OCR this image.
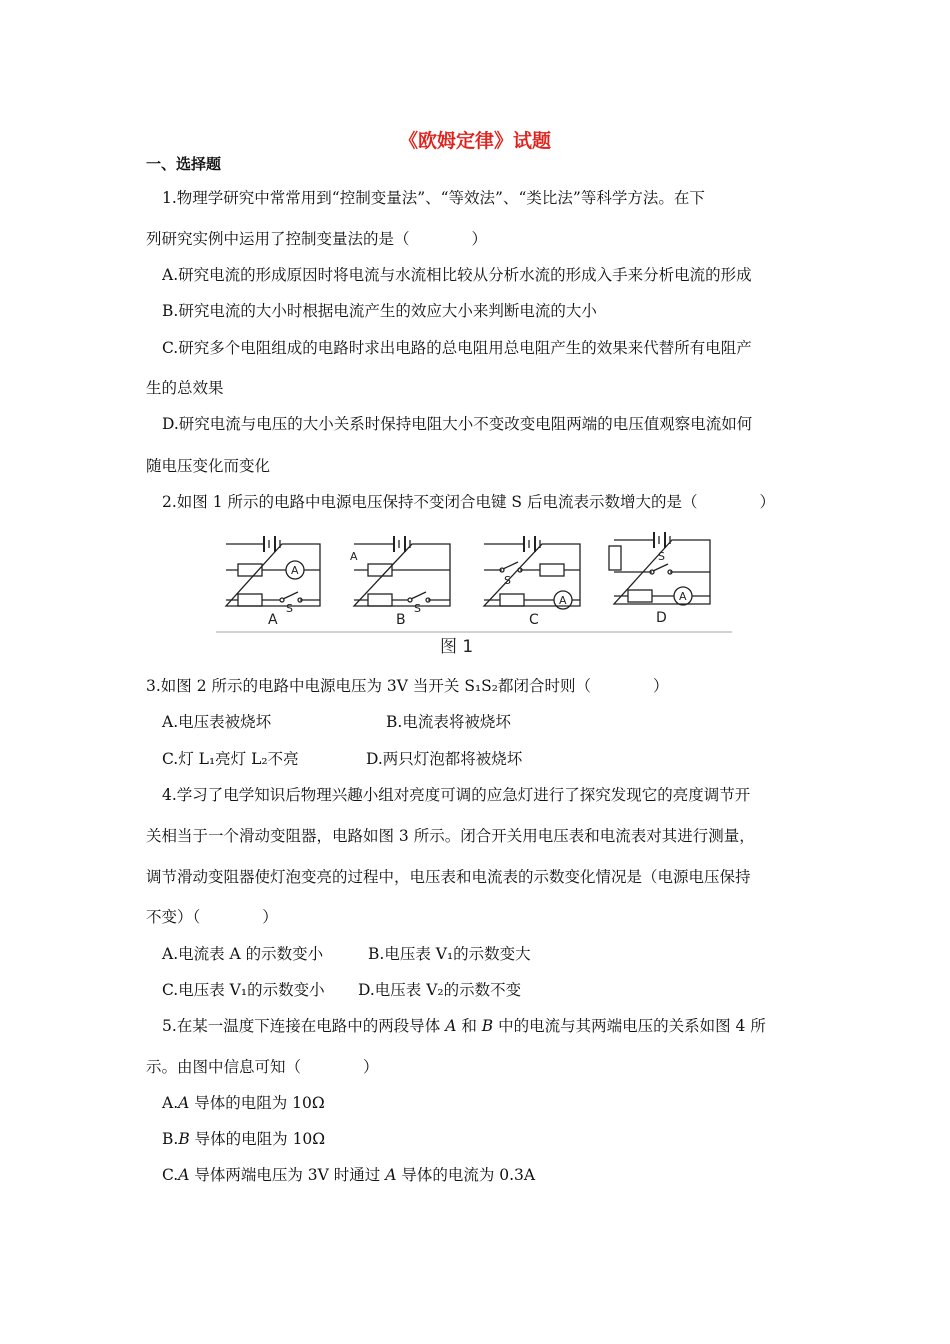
《欧姆定律》试题
一、选择题
1.物理学研究中常常用到“控制变量法”、“等效法”、“类比法”等科学方法。在下
列研究实例中运用了控制变量法的是（　　　　）
A.研究电流的形成原因时将电流与水流相比较从分析水流的形成入手来分析电流的形成
B.研究电流的大小时根据电流产生的效应大小来判断电流的大小
C.研究多个电阻组成的电路时求出电路的总电阻用总电阻产生的效果来代替所有电阻产
生的总效果
D.研究电流与电压的大小关系时保持电阻大小不变改变电阻两端的电压值观察电流如何
随电压变化而变化
2.如图 1 所示的电路中电源电压保持不变闭合电键 S 后电流表示数增大的是（　　　　）
A
A
A	A
S	S
S
S
A	B	C	D
图 1
3.如图 2 所示的电路中电源电压为 3V 当开关 S₁S₂都闭合时则（　　　　）
A.电压表被烧坏	B.电流表将被烧坏
C.灯 L₁亮灯 L₂不亮	D.两只灯泡都将被烧坏
4.学习了电学知识后物理兴趣小组对亮度可调的应急灯进行了探究发现它的亮度调节开
关相当于一个滑动变阻器，电路如图 3 所示。闭合开关用电压表和电流表对其进行测量，
调节滑动变阻器使灯泡变亮的过程中，电压表和电流表的示数变化情况是（电源电压保持
不变）（　　　　）
A.电流表 A 的示数变小	B.电压表 V₁的示数变大
C.电压表 V₁的示数变小 D.电压表 V₂的示数不变
5.在某一温度下连接在电路中的两段导体 A 和 B 中的电流与其两端电压的关系如图 4 所
示。由图中信息可知（　　　　）
A.A 导体的电阻为 10Ω
B.B 导体的电阻为 10Ω
C.A 导体两端电压为 3V 时通过 A 导体的电流为 0.3A
